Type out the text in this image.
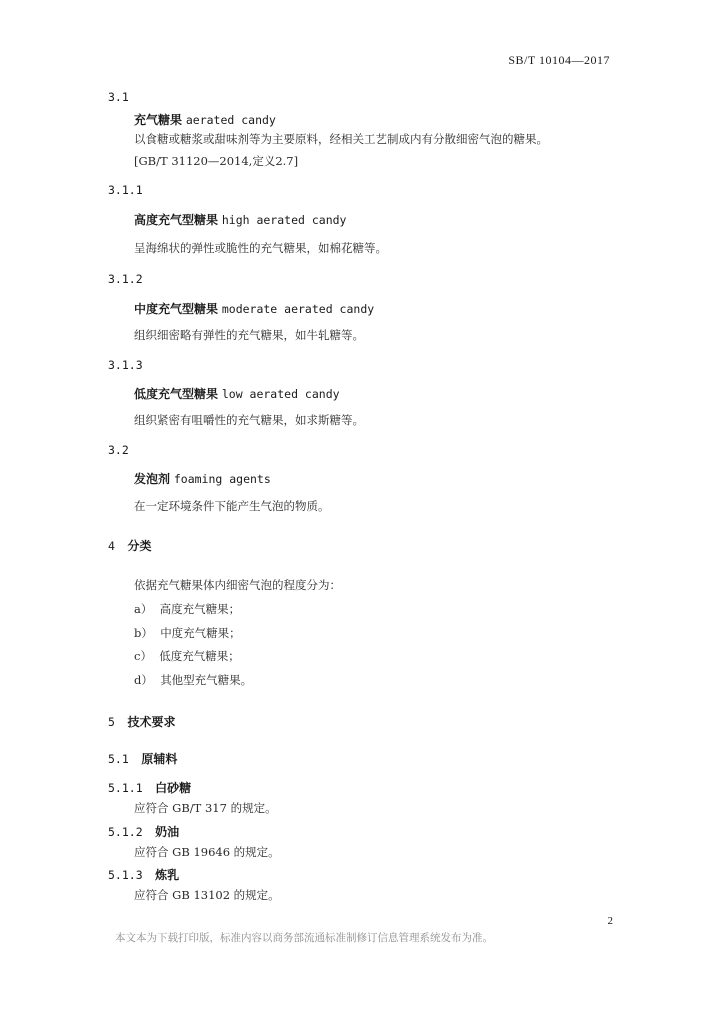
SB/T 10104—2017
3.1
充气糖果 aerated candy
以食糖或糖浆或甜味剂等为主要原料，经相关工艺制成内有分散细密气泡的糖果。
[GB/T 31120—2014,定义2.7]
3.1.1
高度充气型糖果 high aerated candy
呈海绵状的弹性或脆性的充气糖果，如棉花糖等。
3.1.2
中度充气型糖果 moderate aerated candy
组织细密略有弹性的充气糖果，如牛轧糖等。
3.1.3
低度充气型糖果 low aerated candy
组织紧密有咀嚼性的充气糖果，如求斯糖等。
3.2
发泡剂 foaming agents
在一定环境条件下能产生气泡的物质。
4 分类
依据充气糖果体内细密气泡的程度分为：
a） 高度充气糖果；
b） 中度充气糖果；
c） 低度充气糖果；
d） 其他型充气糖果。
5 技术要求
5.1 原辅料
5.1.1 白砂糖
应符合 GB/T 317 的规定。
5.1.2 奶油
应符合 GB 19646 的规定。
5.1.3 炼乳
应符合 GB 13102 的规定。
2
本文本为下载打印版，标准内容以商务部流通标准制修订信息管理系统发布为准。
